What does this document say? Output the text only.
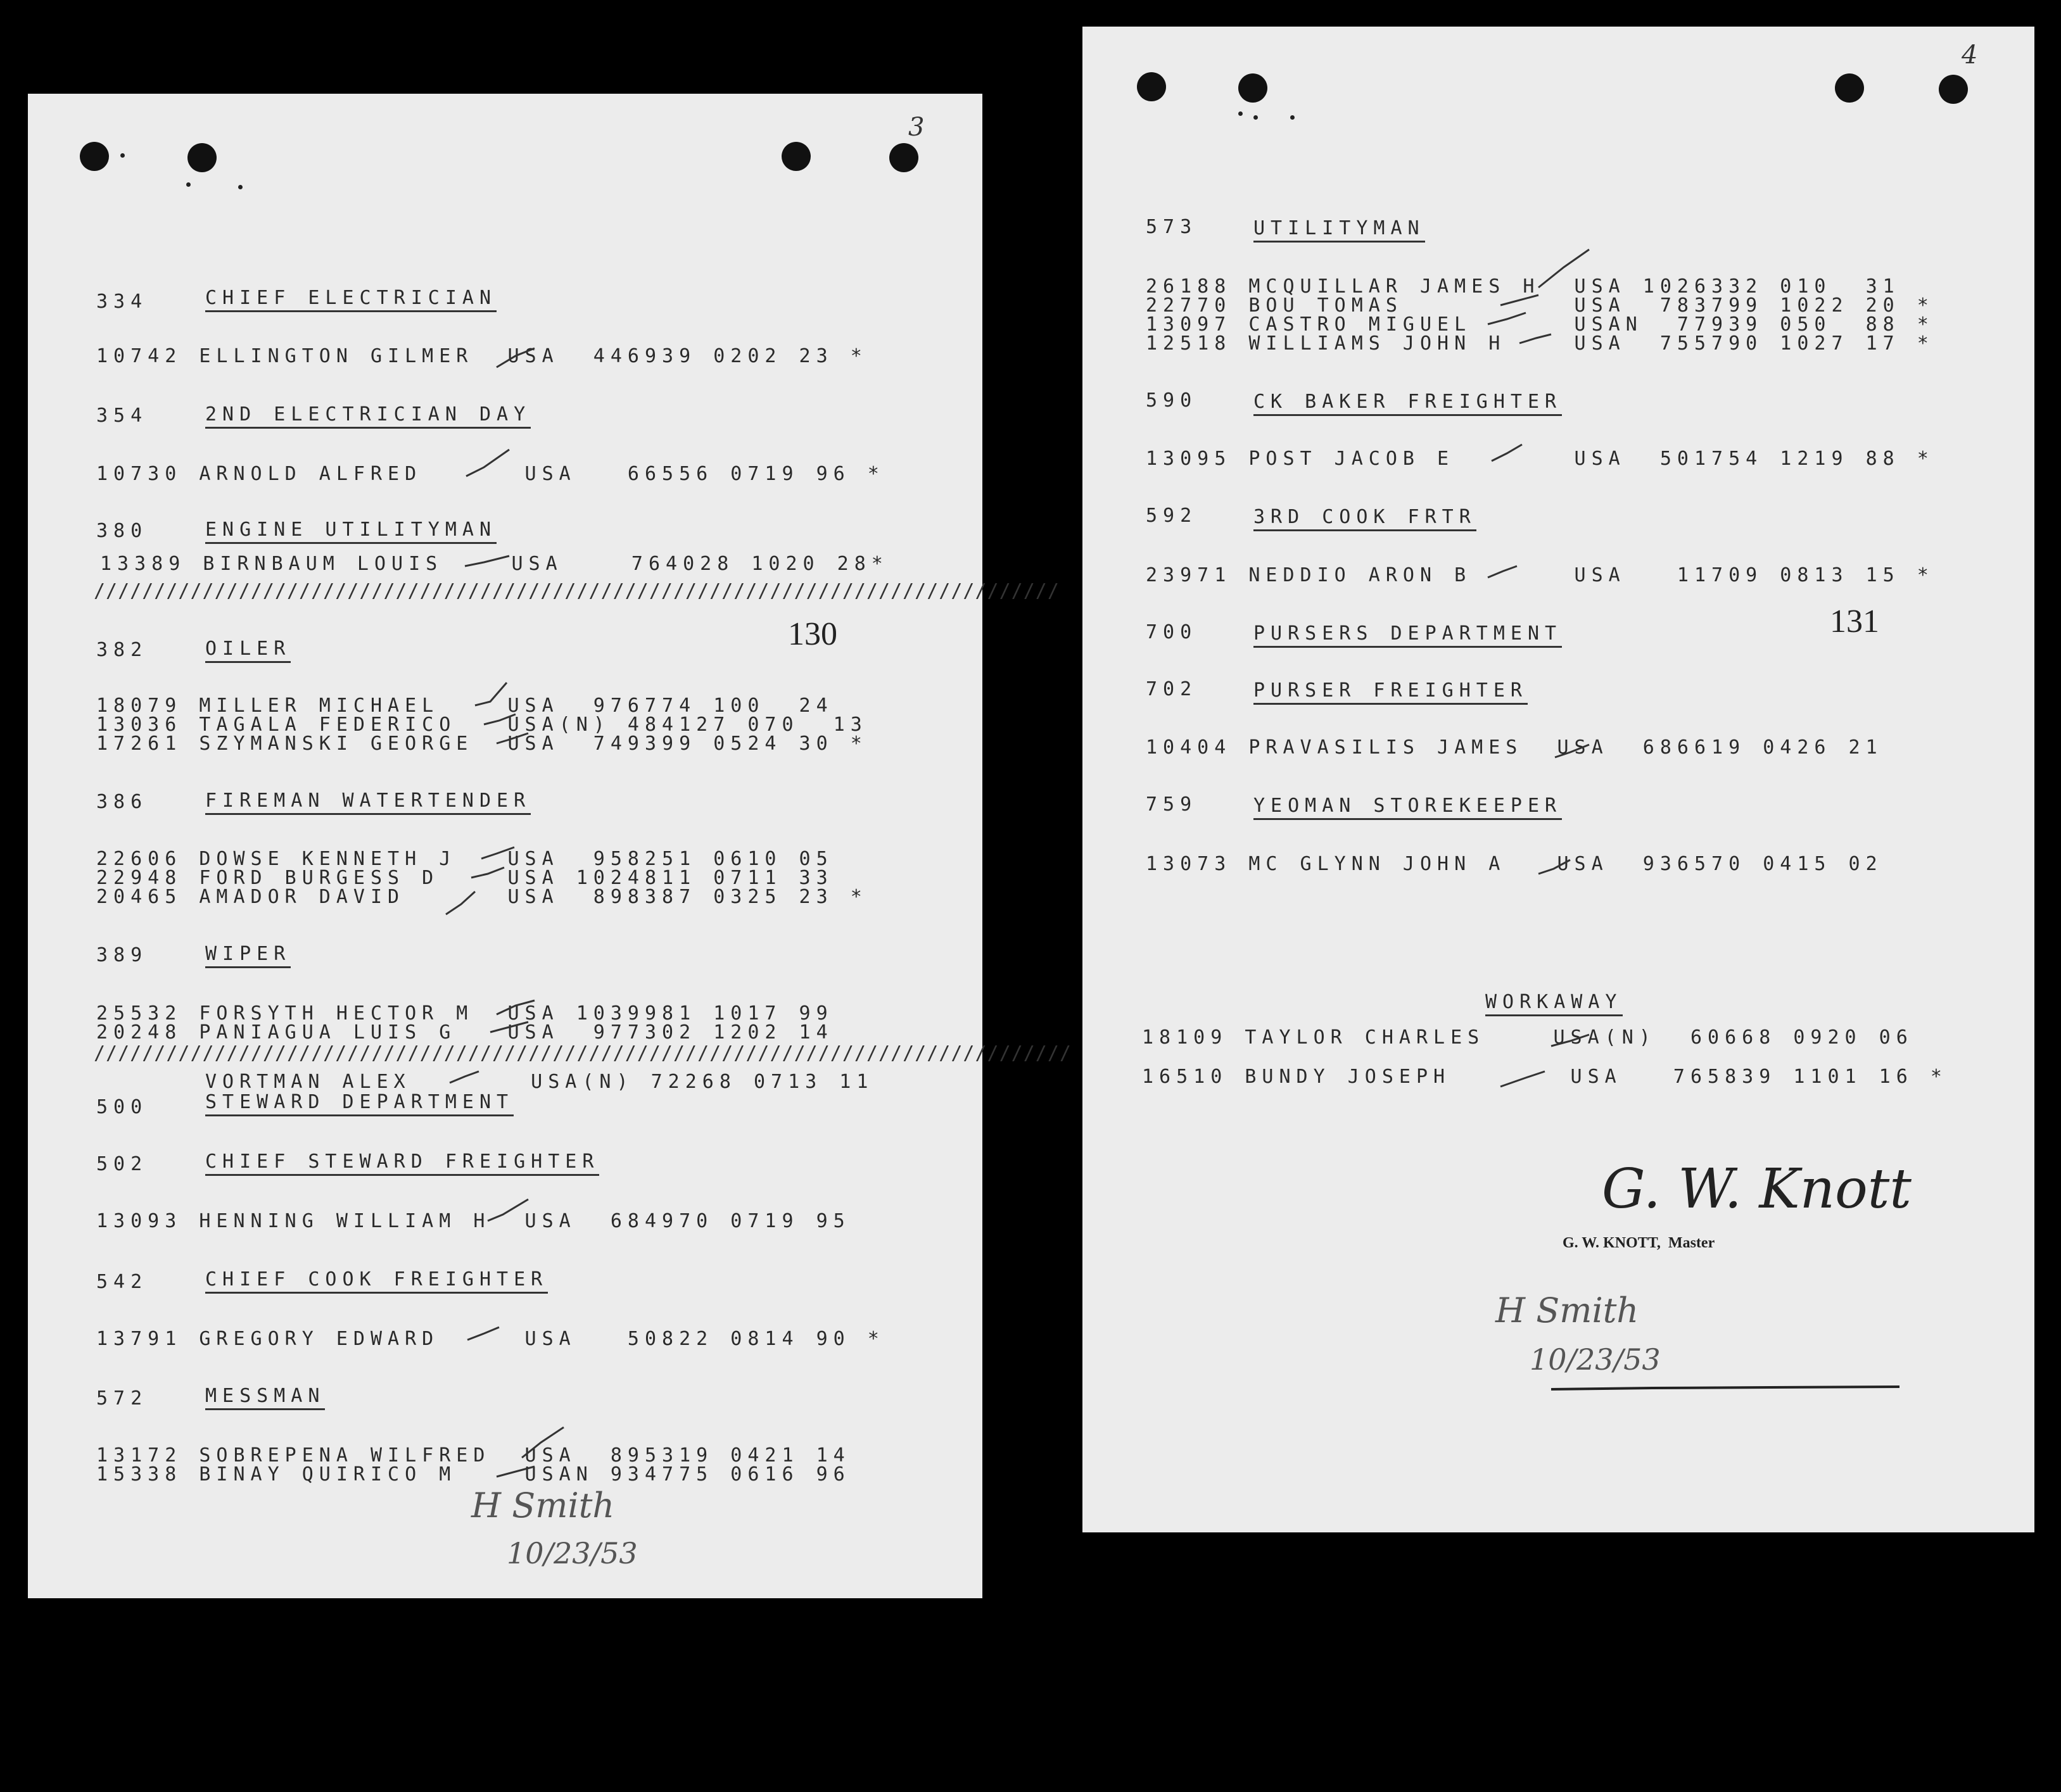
3
334	CHIEF ELECTRICIAN
10742 ELLINGTON GILMER  USA  446939 0202 23 *
354	2ND ELECTRICIAN DAY
10730 ARNOLD ALFRED      USA   66556 0719 96 *
380	ENGINE UTILITYMAN
13389 BIRNBAUM LOUIS    USA    764028 1020 28*
////////////////////////////////////////////////////////////////////////////////
130
382	OILER
18079 MILLER MICHAEL    USA  976774 100  24
13036 TAGALA FEDERICO   USA(N) 484127 070  13
17261 SZYMANSKI GEORGE  USA  749399 0524 30 *
386	FIREMAN WATERTENDER
22606 DOWSE KENNETH J   USA  958251 0610 05
22948 FORD BURGESS D    USA 1024811 0711 33
20465 AMADOR DAVID      USA  898387 0325 23 *
389	WIPER
25532 FORSYTH HECTOR M  USA 1039981 1017 99
20248 PANIAGUA LUIS G   USA  977302 1202 14
/////////////////////////////////////////////////////////////////////////////////
VORTMAN ALEX       USA(N) 72268 0713 11
500	STEWARD DEPARTMENT
502	CHIEF STEWARD FREIGHTER
13093 HENNING WILLIAM H  USA  684970 0719 95
542	CHIEF COOK FREIGHTER
13791 GREGORY EDWARD     USA   50822 0814 90 *
572	MESSMAN
13172 SOBREPENA WILFRED  USA  895319 0421 14
15338 BINAY QUIRICO M    USAN 934775 0616 96
H Smith
10/23/53
4
573	UTILITYMAN
26188 MCQUILLAR JAMES H  USA 1026332 010  31
22770 BOU TOMAS          USA  783799 1022 20 *
13097 CASTRO MIGUEL      USAN  77939 050  88 *
12518 WILLIAMS JOHN H    USA  755790 1027 17 *
590	CK BAKER FREIGHTER
13095 POST JACOB E       USA  501754 1219 88 *
592	3RD COOK FRTR
23971 NEDDIO ARON B      USA   11709 0813 15 *
131
700	PURSERS DEPARTMENT
702	PURSER FREIGHTER
10404 PRAVASILIS JAMES  USA  686619 0426 21
759	YEOMAN STOREKEEPER
13073 MC GLYNN JOHN A   USA  936570 0415 02
WORKAWAY
18109 TAYLOR CHARLES    USA(N)  60668 0920 06
16510 BUNDY JOSEPH       USA   765839 1101 16 *
G. W. Knott
G. W. KNOTT,  Master
H Smith
10/23/53
